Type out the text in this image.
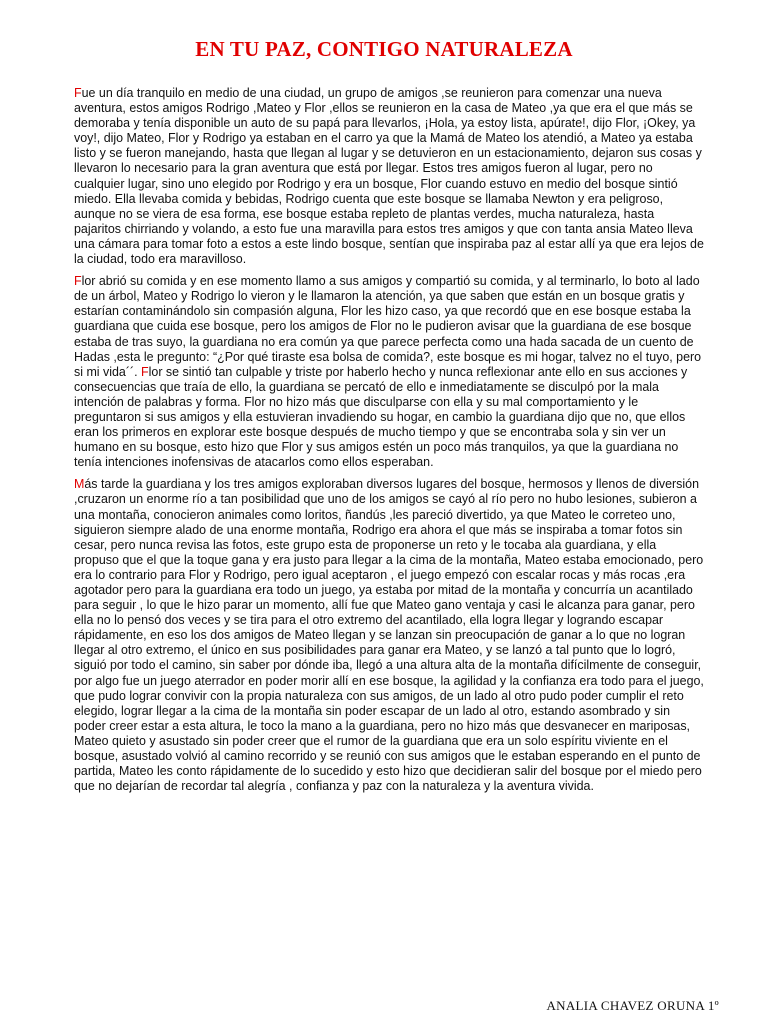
EN TU PAZ, CONTIGO NATURALEZA

Fue un día tranquilo en medio de una ciudad, un grupo de amigos ,se reunieron para comenzar una nueva aventura, estos amigos Rodrigo ,Mateo y Flor ,ellos se reunieron en la casa de Mateo ,ya que era el que más se demoraba y tenía disponible un auto de su papá para llevarlos, ¡Hola, ya estoy lista, apúrate!, dijo Flor, ¡Okey, ya voy!, dijo Mateo, Flor y Rodrigo ya estaban en el carro ya que la Mamá de Mateo los atendió, a Mateo ya estaba listo y se fueron manejando, hasta que llegan al lugar y se detuvieron en un estacionamiento, dejaron sus cosas y llevaron lo necesario para la gran aventura que está por llegar. Estos tres amigos fueron al lugar, pero no cualquier lugar, sino uno elegido por Rodrigo y era un bosque, Flor cuando estuvo en medio del bosque sintió miedo. Ella llevaba comida y bebidas, Rodrigo cuenta que este bosque se llamaba Newton y era peligroso, aunque no se viera de esa forma, ese bosque estaba repleto de plantas verdes, mucha naturaleza, hasta pajaritos chirriando y volando, a esto fue una maravilla para estos tres amigos y que con tanta ansia Mateo lleva una cámara para tomar foto a estos a este lindo bosque, sentían que inspiraba paz al estar allí ya que era lejos de la ciudad, todo era maravilloso.

Flor abrió su comida y en ese momento llamo a sus amigos y compartió su comida, y al terminarlo, lo boto al lado de un árbol, Mateo y Rodrigo lo vieron y le llamaron la atención, ya que saben que están en un bosque gratis y estarían contaminándolo sin compasión alguna, Flor les hizo caso, ya que recordó que en ese bosque estaba la guardiana que cuida ese bosque, pero los amigos de Flor no le pudieron avisar que la guardiana de ese bosque estaba de tras suyo, la guardiana no era común ya que parece perfecta como una hada sacada de un cuento de Hadas ,esta le pregunto: “¿Por qué tiraste esa bolsa de comida?, este bosque es mi hogar, talvez no el tuyo, pero si mi vida´´. Flor se sintió tan culpable y triste por haberlo hecho y nunca reflexionar ante ello en sus acciones y consecuencias que traía de ello, la guardiana se percató de ello e inmediatamente se disculpó por la mala intención de palabras y forma. Flor no hizo más que disculparse con ella y su mal comportamiento y le preguntaron si sus amigos y ella estuvieran invadiendo su hogar, en cambio la guardiana dijo que no, que ellos eran los primeros en explorar este bosque después de mucho tiempo y que se encontraba sola y sin ver un humano en su bosque, esto hizo que Flor y sus amigos estén un poco más tranquilos, ya que la guardiana no tenía intenciones inofensivas de atacarlos como ellos esperaban.

Más tarde la guardiana y los tres amigos exploraban diversos lugares del bosque, hermosos y llenos de diversión ,cruzaron un enorme río a tan posibilidad que uno de los amigos se cayó al río pero no hubo lesiones, subieron a una montaña, conocieron animales como loritos, ñandús ,les pareció divertido, ya que Mateo le correteo uno, siguieron siempre alado de una enorme montaña, Rodrigo era ahora el que más se inspiraba a tomar fotos sin cesar, pero nunca revisa las fotos, este grupo esta de proponerse un reto y le tocaba ala guardiana, y ella propuso que el que la toque gana y era justo para llegar a la cima de la montaña, Mateo estaba emocionado, pero era lo contrario para Flor y Rodrigo, pero igual aceptaron , el juego empezó con escalar rocas y más rocas ,era agotador pero para la guardiana era todo un juego, ya estaba por mitad de la montaña y concurría un acantilado para seguir , lo que le hizo parar un momento, allí fue que Mateo gano ventaja y casi le alcanza para ganar, pero ella no lo pensó dos veces y se tira para el otro extremo del acantilado, ella logra llegar y logrando escapar rápidamente, en eso los dos amigos de Mateo llegan y se lanzan sin preocupación de ganar a lo que no logran llegar al otro extremo, el único en sus posibilidades para ganar era Mateo, y se lanzó a tal punto que lo logró, siguió por todo el camino, sin saber por dónde iba, llegó a una altura alta de la montaña difícilmente de conseguir, por algo fue un juego aterrador en poder morir allí en ese bosque, la agilidad y la confianza era todo para el juego, que pudo lograr convivir con la propia naturaleza con sus amigos, de un lado al otro pudo poder cumplir el reto elegido, lograr llegar a la cima de la montaña sin poder escapar de un lado al otro, estando asombrado y sin poder creer estar a esta altura, le toco la mano a la guardiana, pero no hizo más que desvanecer en mariposas, Mateo quieto y asustado sin poder creer que el rumor de la guardiana que era un solo espíritu viviente en el bosque, asustado volvió al camino recorrido y se reunió con sus amigos que le estaban esperando en el punto de partida, Mateo les conto rápidamente de lo sucedido y esto hizo que decidieran salir del bosque por el miedo pero que no dejarían de recordar tal alegría , confianza y paz con la naturaleza y la aventura vivida.

ANALIA CHAVEZ ORUNA 1º
